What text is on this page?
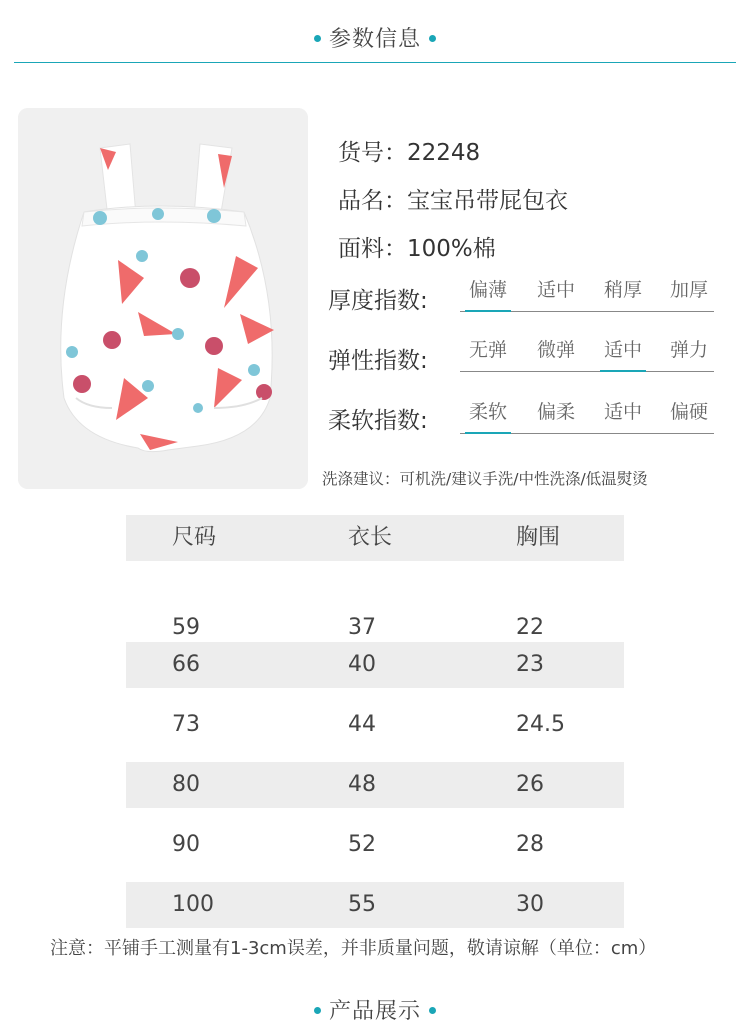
参数信息
货号：22248
品名：宝宝吊带屁包衣
面料：100%棉
厚度指数:	偏薄	适中	稍厚	加厚
弹性指数:	无弹	微弹	适中	弹力
柔软指数:	柔软	偏柔	适中	偏硬
洗涤建议：可机洗/建议手洗/中性洗涤/低温熨烫
尺码	衣长	胸围
59	37	22
66	40	23
73	44	24.5
80	48	26
90	52	28
100	55	30
注意：平铺手工测量有1-3cm误差，并非质量问题，敬请谅解（单位：cm）
产品展示
